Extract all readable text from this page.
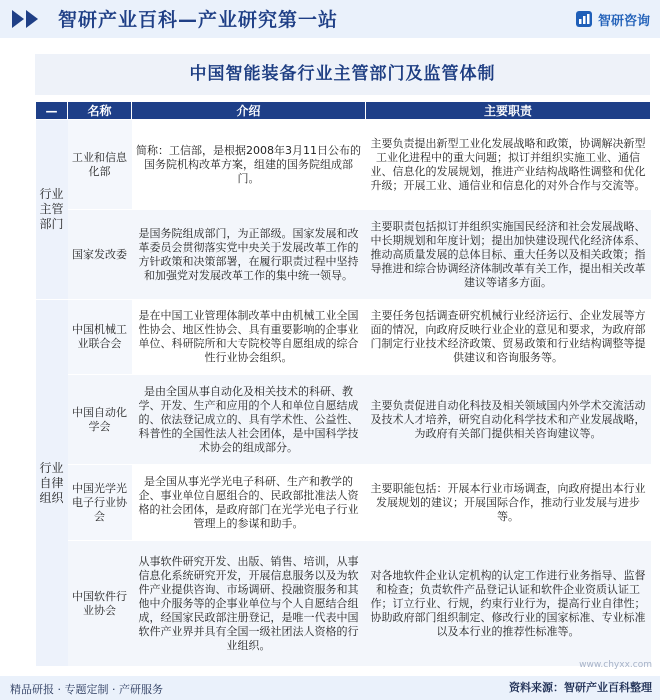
智研产业百科—产业研究第一站	智研咨询
中国智能装备行业主管部门及监管体制
—	名称	介绍	主要职责
行业主管部门	工业和信息化部	简称：工信部，是根据2008年3月11日公布的国务院机构改革方案，组建的国务院组成部门。	主要负责提出新型工业化发展战略和政策，协调解决新型工业化进程中的重大问题；拟订并组织实施工业、通信业、信息化的发展规划，推进产业结构战略性调整和优化升级；开展工业、通信业和信息化的对外合作与交流等。
	国家发改委	是国务院组成部门，为正部级。国家发展和改革委员会贯彻落实党中央关于发展改革工作的方针政策和决策部署，在履行职责过程中坚持和加强党对发展改革工作的集中统一领导。	主要职责包括拟订并组织实施国民经济和社会发展战略、中长期规划和年度计划；提出加快建设现代化经济体系、推动高质量发展的总体目标、重大任务以及相关政策；指导推进和综合协调经济体制改革有关工作，提出相关改革建议等诸多方面。
行业自律组织	中国机械工业联合会	是在中国工业管理体制改革中由机械工业全国性协会、地区性协会、具有重要影响的企事业单位、科研院所和大专院校等自愿组成的综合性行业协会组织。	主要任务包括调查研究机械行业经济运行、企业发展等方面的情况，向政府反映行业企业的意见和要求，为政府部门制定行业技术经济政策、贸易政策和行业结构调整等提供建议和咨询服务等。
	中国自动化学会	是由全国从事自动化及相关技术的科研、教学、开发、生产和应用的个人和单位自愿结成的、依法登记成立的、具有学术性、公益性、科普性的全国性法人社会团体，是中国科学技术协会的组成部分。	主要负责促进自动化科技及相关领域国内外学术交流活动及技术人才培养，研究自动化科学技术和产业发展战略，为政府有关部门提供相关咨询建议等。
	中国光学光电子行业协会	是全国从事光学光电子科研、生产和教学的企、事业单位自愿组合的、民政部批准法人资格的社会团体，是政府部门在光学光电子行业管理上的参谋和助手。	主要职能包括：开展本行业市场调查，向政府提出本行业发展规划的建议；开展国际合作，推动行业发展与进步等。
	中国软件行业协会	从事软件研究开发、出版、销售、培训，从事信息化系统研究开发，开展信息服务以及为软件产业提供咨询、市场调研、投融资服务和其他中介服务等的企事业单位与个人自愿结合组成，经国家民政部注册登记，是唯一代表中国软件产业界并具有全国一级社团法人资格的行业组织。	对各地软件企业认定机构的认定工作进行业务指导、监督和检查；负责软件产品登记认证和软件企业资质认证工作；订立行业、行规，约束行业行为，提高行业自律性；协助政府部门组织制定、修改行业的国家标准、专业标准以及本行业的推荐性标准等。
www.chyxx.com
精品研报 · 专题定制 · 产研服务	资料来源：智研产业百科整理
